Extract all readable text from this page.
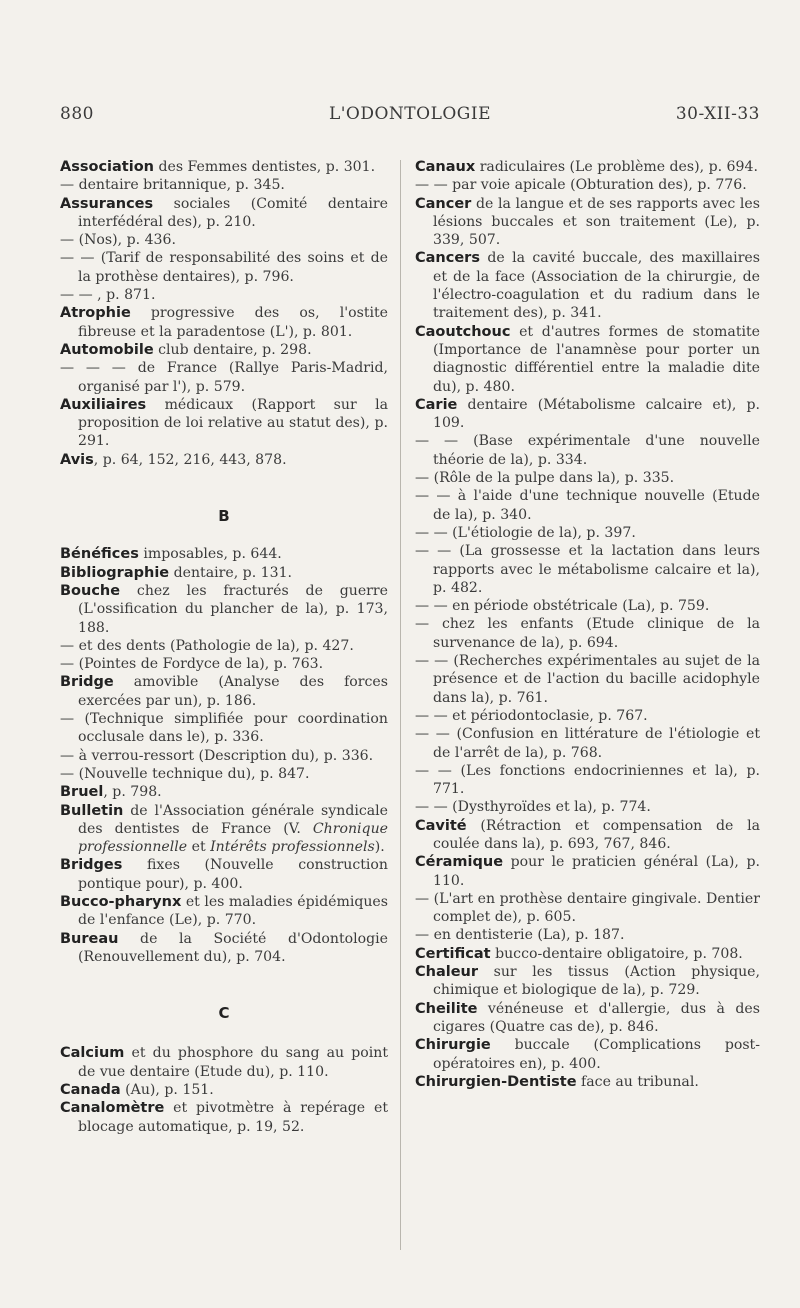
880	L'ODONTOLOGIE	30-XII-33

Association des Femmes dentistes, p. 301.

— dentaire britannique, p. 345.

Assurances sociales (Comité dentaire interfédéral des), p. 210.

— (Nos), p. 436.

— — (Tarif de responsabilité des soins et de la prothèse dentaires), p. 796.

— — , p. 871.

Atrophie progressive des os, l'ostite fibreuse et la paradentose (L'), p. 801.

Automobile club dentaire, p. 298.

— — — de France (Rallye Paris-Madrid, organisé par l'), p. 579.

Auxiliaires médicaux (Rapport sur la proposition de loi relative au statut des), p. 291.

Avis, p. 64, 152, 216, 443, 878.

B

Bénéfices imposables, p. 644.

Bibliographie dentaire, p. 131.

Bouche chez les fracturés de guerre (L'ossification du plancher de la), p. 173, 188.

— et des dents (Pathologie de la), p. 427.

— (Pointes de Fordyce de la), p. 763.

Bridge amovible (Analyse des forces exercées par un), p. 186.

— (Technique simplifiée pour coordination occlusale dans le), p. 336.

— à verrou-ressort (Description du), p. 336.

— (Nouvelle technique du), p. 847.

Bruel, p. 798.

Bulletin de l'Association générale syndicale des dentistes de France (V. Chronique professionnelle et Intérêts professionnels).

Bridges fixes (Nouvelle construction pontique pour), p. 400.

Bucco-pharynx et les maladies épidémiques de l'enfance (Le), p. 770.

Bureau de la Société d'Odontologie (Renouvellement du), p. 704.

C

Calcium et du phosphore du sang au point de vue dentaire (Etude du), p. 110.

Canada (Au), p. 151.

Canalomètre et pivotmètre à repérage et blocage automatique, p. 19, 52.

Canaux radiculaires (Le problème des), p. 694.

— — par voie apicale (Obturation des), p. 776.

Cancer de la langue et de ses rapports avec les lésions buccales et son traitement (Le), p. 339, 507.

Cancers de la cavité buccale, des maxillaires et de la face (Association de la chirurgie, de l'électro-coagulation et du radium dans le traitement des), p. 341.

Caoutchouc et d'autres formes de stomatite (Importance de l'anamnèse pour porter un diagnostic différentiel entre la maladie dite du), p. 480.

Carie dentaire (Métabolisme calcaire et), p. 109.

— — (Base expérimentale d'une nouvelle théorie de la), p. 334.

— (Rôle de la pulpe dans la), p. 335.

— — à l'aide d'une technique nouvelle (Etude de la), p. 340.

— — (L'étiologie de la), p. 397.

— — (La grossesse et la lactation dans leurs rapports avec le métabolisme calcaire et la), p. 482.

— — en période obstétricale (La), p. 759.

— chez les enfants (Etude clinique de la survenance de la), p. 694.

— — (Recherches expérimentales au sujet de la présence et de l'action du bacille acidophyle dans la), p. 761.

— — et périodontoclasie, p. 767.

— — (Confusion en littérature de l'étiologie et de l'arrêt de la), p. 768.

— — (Les fonctions endocriniennes et la), p. 771.

— — (Dysthyroïdes et la), p. 774.

Cavité (Rétraction et compensation de la coulée dans la), p. 693, 767, 846.

Céramique pour le praticien général (La), p. 110.

— (L'art en prothèse dentaire gingivale. Dentier complet de), p. 605.

— en dentisterie (La), p. 187.

Certificat bucco-dentaire obligatoire, p. 708.

Chaleur sur les tissus (Action physique, chimique et biologique de la), p. 729.

Cheilite vénéneuse et d'allergie, dus à des cigares (Quatre cas de), p. 846.

Chirurgie buccale (Complications post-opératoires en), p. 400.

Chirurgien-Dentiste face au tribunal.
